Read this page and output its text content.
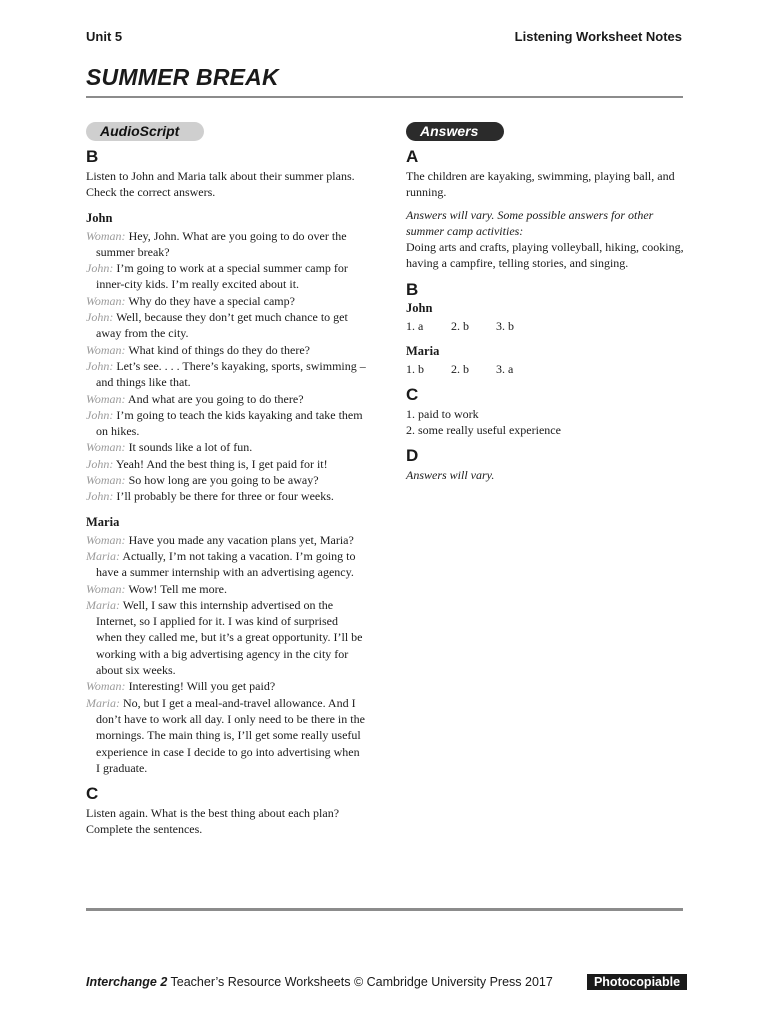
Unit 5	Listening Worksheet Notes
SUMMER BREAK
AudioScript
B

Listen to John and Maria talk about their summer plans. Check the correct answers.

John

Woman: Hey, John. What are you going to do over the summer break?

John: I’m going to work at a special summer camp for inner-city kids. I’m really excited about it.

Woman: Why do they have a special camp?

John: Well, because they don’t get much chance to get away from the city.

Woman: What kind of things do they do there?

John: Let’s see. . . . There’s kayaking, sports, swimming – and things like that.

Woman: And what are you going to do there?

John: I’m going to teach the kids kayaking and take them on hikes.

Woman: It sounds like a lot of fun.

John: Yeah! And the best thing is, I get paid for it!

Woman: So how long are you going to be away?

John: I’ll probably be there for three or four weeks.

Maria

Woman: Have you made any vacation plans yet, Maria?

Maria: Actually, I’m not taking a vacation. I’m going to have a summer internship with an advertising agency.

Woman: Wow! Tell me more.

Maria: Well, I saw this internship advertised on the Internet, so I applied for it. I was kind of surprised when they called me, but it’s a great opportunity. I’ll be working with a big advertising agency in the city for about six weeks.

Woman: Interesting! Will you get paid?

Maria: No, but I get a meal-and-travel allowance. And I don’t have to work all day. I only need to be there in the mornings. The main thing is, I’ll get some really useful experience in case I decide to go into advertising when I graduate.

C

Listen again. What is the best thing about each plan? Complete the sentences.

Answers
A

The children are kayaking, swimming, playing ball, and running.

Answers will vary. Some possible answers for other summer camp activities:

Doing arts and crafts, playing volleyball, hiking, cooking, having a campfire, telling stories, and singing.

B
John
1. a	2. b	3. b
Maria
1. b	2. b	3. a
C

1. paid to work

2. some really useful experience

D

Answers will vary.

Interchange 2 Teacher’s Resource Worksheets © Cambridge University Press 2017	Photocopiable
